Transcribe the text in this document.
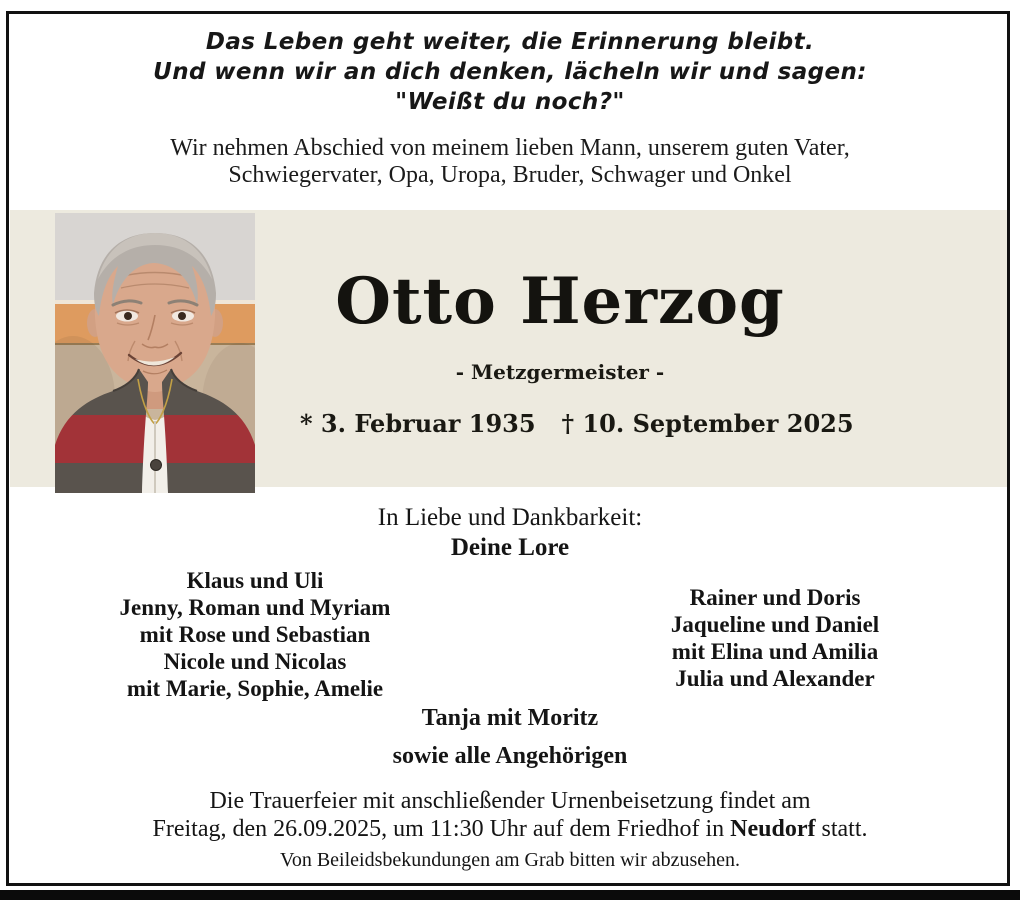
Das Leben geht weiter, die Erinnerung bleibt.
Und wenn wir an dich denken, lächeln wir und sagen:
"Weißt du noch?"
Wir nehmen Abschied von meinem lieben Mann, unserem guten Vater,
Schwiegervater, Opa, Uropa, Bruder, Schwager und Onkel
Otto Herzog
- Metzgermeister -
* 3. Februar 1935 † 10. September 2025
In Liebe und Dankbarkeit:
Deine Lore
Klaus und Uli
Jenny, Roman und Myriam
mit Rose und Sebastian
Nicole und Nicolas
mit Marie, Sophie, Amelie
Rainer und Doris
Jaqueline und Daniel
mit Elina und Amilia
Julia und Alexander
Tanja mit Moritz
sowie alle Angehörigen
Die Trauerfeier mit anschließender Urnenbeisetzung findet am
Freitag, den 26.09.2025, um 11:30 Uhr auf dem Friedhof in Neudorf statt.
Von Beileidsbekundungen am Grab bitten wir abzusehen.
